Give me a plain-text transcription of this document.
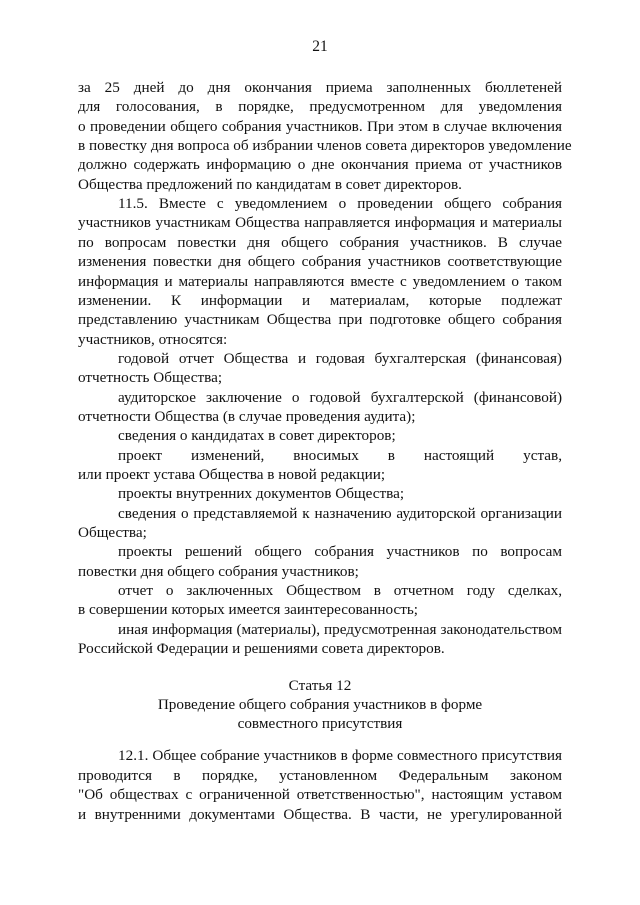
21
за 25 дней до дня окончания приема заполненных бюллетеней
для голосования, в порядке, предусмотренном для уведомления
о проведении общего собрания участников. При этом в случае включения
в повестку дня вопроса об избрании членов совета директоров уведомление
должно содержать информацию о дне окончания приема от участников
Общества предложений по кандидатам в совет директоров.
11.5. Вместе с уведомлением о проведении общего собрания
участников участникам Общества направляется информация и материалы
по вопросам повестки дня общего собрания участников. В случае
изменения повестки дня общего собрания участников соответствующие
информация и материалы направляются вместе с уведомлением о таком
изменении. К информации и материалам, которые подлежат
представлению участникам Общества при подготовке общего собрания
участников, относятся:
годовой отчет Общества и годовая бухгалтерская (финансовая)
отчетность Общества;
аудиторское заключение о годовой бухгалтерской (финансовой)
отчетности Общества (в случае проведения аудита);
сведения о кандидатах в совет директоров;
проект изменений, вносимых в настоящий устав,
или проект устава Общества в новой редакции;
проекты внутренних документов Общества;
сведения о представляемой к назначению аудиторской организации
Общества;
проекты решений общего собрания участников по вопросам
повестки дня общего собрания участников;
отчет о заключенных Обществом в отчетном году сделках,
в совершении которых имеется заинтересованность;
иная информация (материалы), предусмотренная законодательством
Российской Федерации и решениями совета директоров.
Статья 12
Проведение общего собрания участников в форме
совместного присутствия
12.1. Общее собрание участников в форме совместного присутствия
проводится в порядке, установленном Федеральным законом
"Об обществах с ограниченной ответственностью", настоящим уставом
и внутренними документами Общества. В части, не урегулированной
